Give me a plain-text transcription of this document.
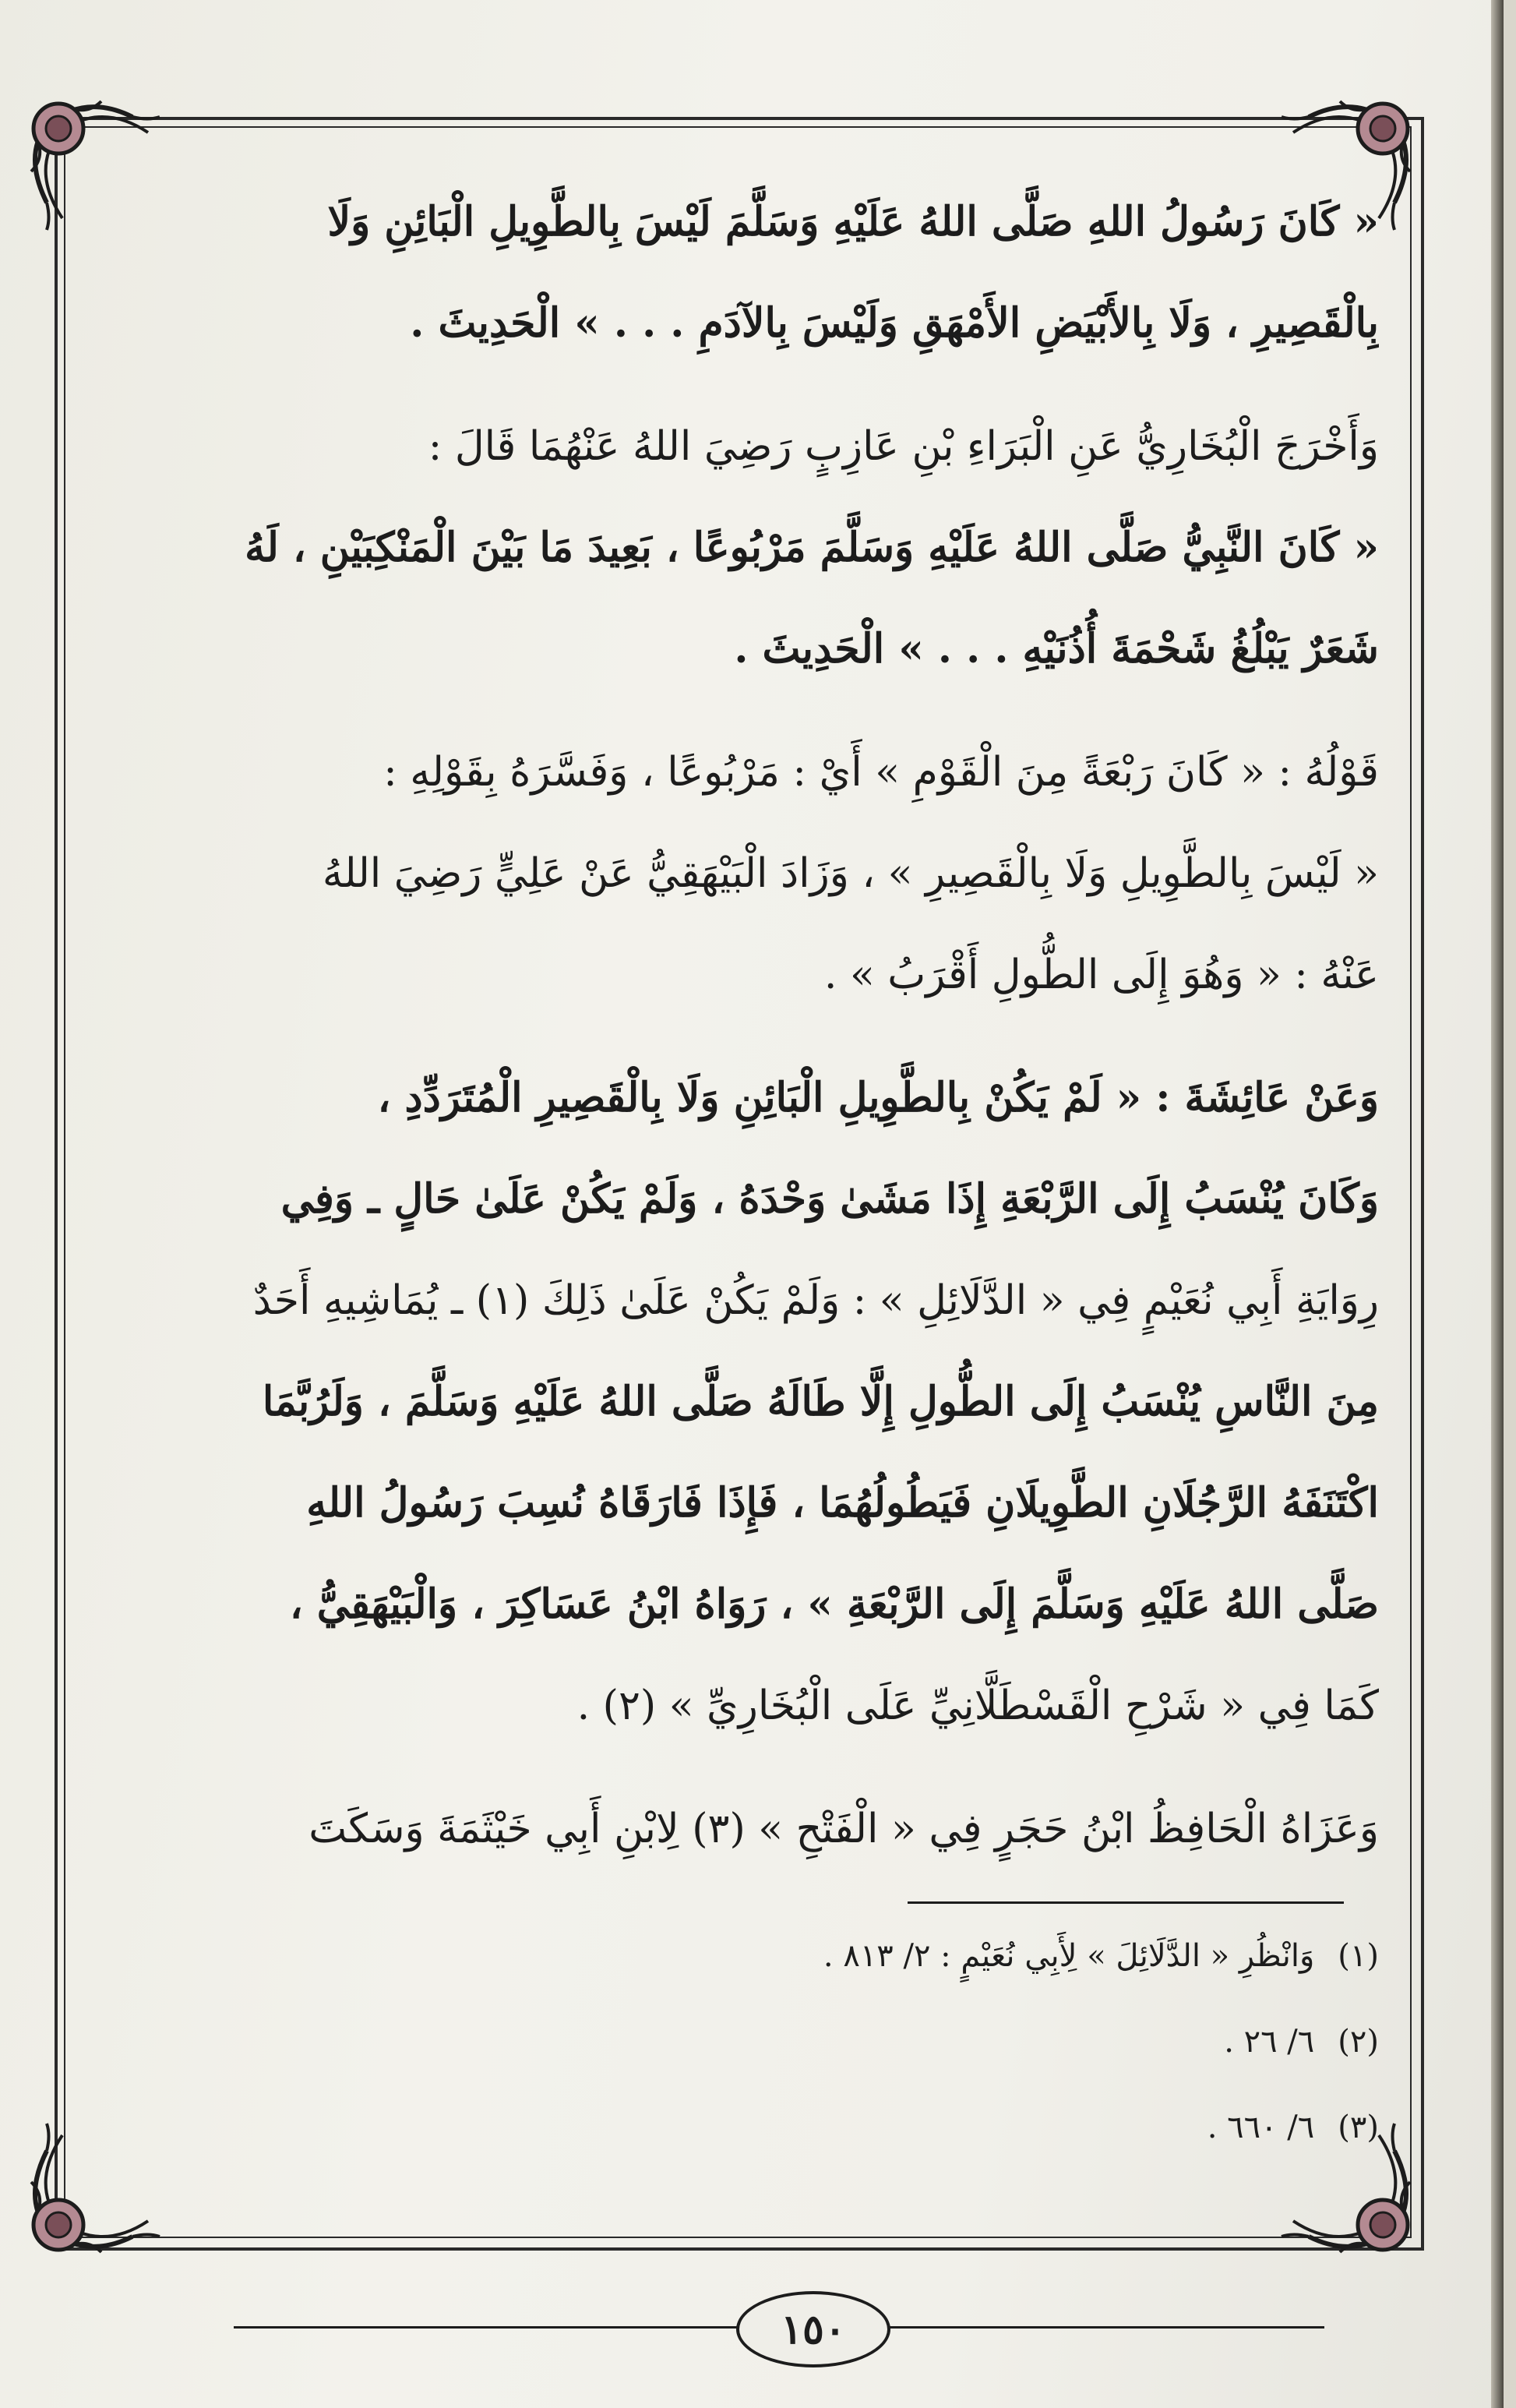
« كَانَ رَسُولُ اللهِ صَلَّى اللهُ عَلَيْهِ وَسَلَّمَ لَيْسَ بِالطَّوِيلِ الْبَائِنِ وَلَا
بِالْقَصِيرِ ، وَلَا بِالأَبْيَضِ الأَمْهَقِ وَلَيْسَ بِالآدَمِ . . . » الْحَدِيثَ .
وَأَخْرَجَ الْبُخَارِيُّ عَنِ الْبَرَاءِ بْنِ عَازِبٍ رَضِيَ اللهُ عَنْهُمَا قَالَ :
« كَانَ النَّبِيُّ صَلَّى اللهُ عَلَيْهِ وَسَلَّمَ مَرْبُوعًا ، بَعِيدَ مَا بَيْنَ الْمَنْكِبَيْنِ ، لَهُ
شَعَرٌ يَبْلُغُ شَحْمَةَ أُذُنَيْهِ . . . » الْحَدِيثَ .
قَوْلُهُ : « كَانَ رَبْعَةً مِنَ الْقَوْمِ » أَيْ : مَرْبُوعًا ، وَفَسَّرَهُ بِقَوْلِهِ :
« لَيْسَ بِالطَّوِيلِ وَلَا بِالْقَصِيرِ » ، وَزَادَ الْبَيْهَقِيُّ عَنْ عَلِيٍّ رَضِيَ اللهُ
عَنْهُ : « وَهُوَ إِلَى الطُّولِ أَقْرَبُ » .
وَعَنْ عَائِشَةَ : « لَمْ يَكُنْ بِالطَّوِيلِ الْبَائِنِ وَلَا بِالْقَصِيرِ الْمُتَرَدِّدِ ،
وَكَانَ يُنْسَبُ إِلَى الرَّبْعَةِ إِذَا مَشَىٰ وَحْدَهُ ، وَلَمْ يَكُنْ عَلَىٰ حَالٍ ـ وَفِي
رِوَايَةِ أَبِي نُعَيْمٍ فِي « الدَّلَائِلِ » : وَلَمْ يَكُنْ عَلَىٰ ذَلِكَ (١) ـ يُمَاشِيهِ أَحَدٌ
مِنَ النَّاسِ يُنْسَبُ إِلَى الطُّولِ إِلَّا طَالَهُ صَلَّى اللهُ عَلَيْهِ وَسَلَّمَ ، وَلَرُبَّمَا
اكْتَنَفَهُ الرَّجُلَانِ الطَّوِيلَانِ فَيَطُولُهُمَا ، فَإِذَا فَارَقَاهُ نُسِبَ رَسُولُ اللهِ
صَلَّى اللهُ عَلَيْهِ وَسَلَّمَ إِلَى الرَّبْعَةِ » ، رَوَاهُ ابْنُ عَسَاكِرَ ، وَالْبَيْهَقِيُّ ،
كَمَا فِي « شَرْحِ الْقَسْطَلَّانِيِّ عَلَى الْبُخَارِيِّ » (٢) .
وَعَزَاهُ الْحَافِظُ ابْنُ حَجَرٍ فِي « الْفَتْحِ » (٣) لِابْنِ أَبِي خَيْثَمَةَ وَسَكَتَ
(١) وَانْظُرِ « الدَّلَائِلَ » لِأَبِي نُعَيْمٍ : ٢/ ٨١٣ .
(٢) ٦/ ٢٦ .
(٣) ٦/ ٦٦٠ .
١٥٠
